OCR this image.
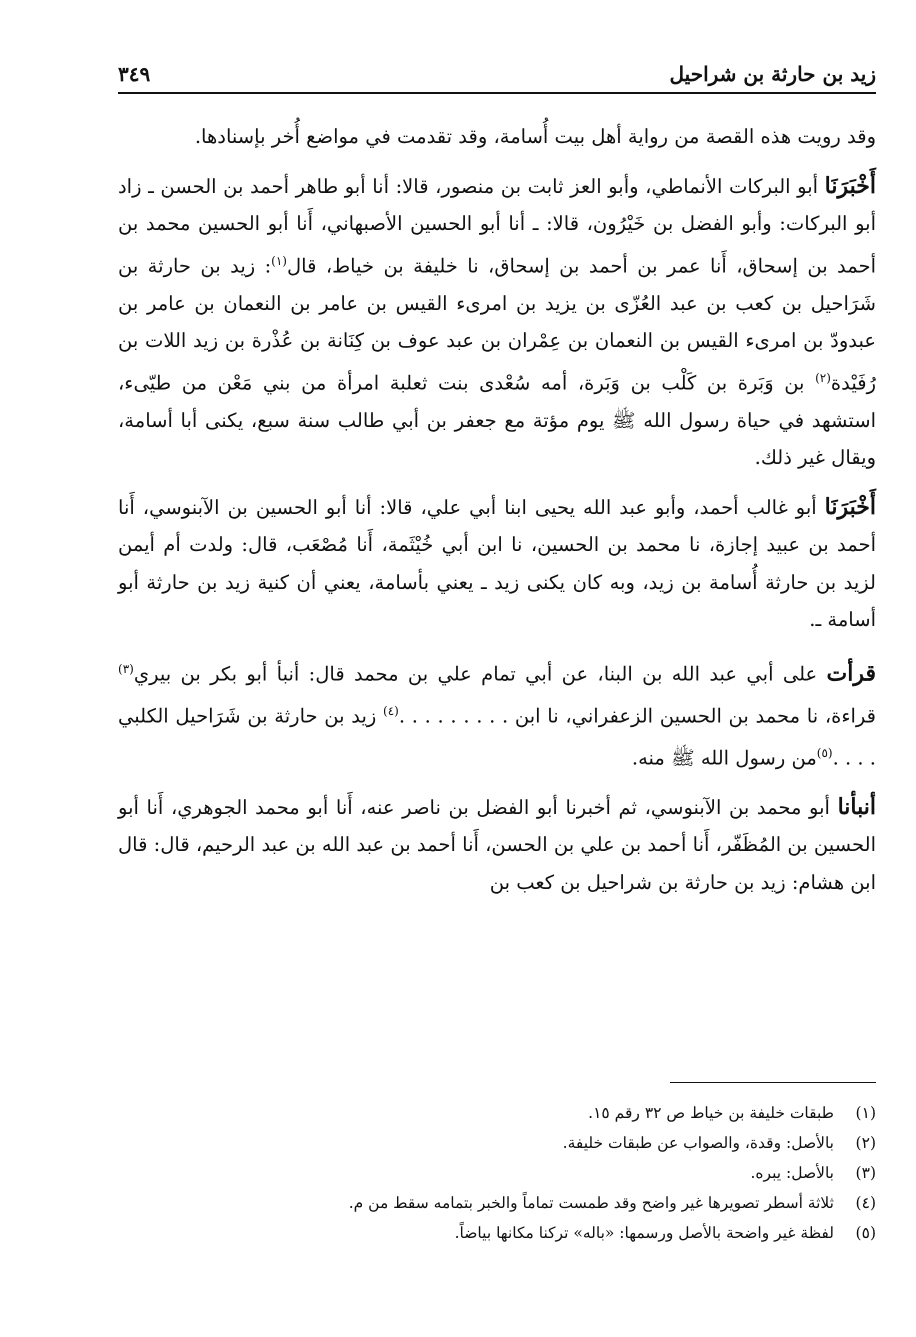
زيد بن حارثة بن شراحيل
٣٤٩

وقد رويت هذه القصة من رواية أهل بيت أُسامة، وقد تقدمت في مواضع أُخر بإسنادها.

أَخْبَرَنَا أبو البركات الأنماطي، وأبو العز ثابت بن منصور، قالا: أنا أبو طاهر أحمد بن الحسن ـ زاد أبو البركات: وأبو الفضل بن خَيْرُون، قالا: ـ أنا أبو الحسين الأصبهاني، أَنا أبو الحسين محمد بن أحمد بن إسحاق، أَنا عمر بن أحمد بن إسحاق، نا خليفة بن خياط، قال$^{(١)}$: زيد بن حارثة بن شَرَاحيل بن كعب بن عبد العُزّى بن يزيد بن امرىء القيس بن عامر بن النعمان بن عامر بن عبدودّ بن امرىء القيس بن النعمان بن عِمْران بن عبد عوف بن كِنَانة بن عُذْرة بن زيد اللات بن رُفَيْدة$^{(٢)}$ بن وَبَرة بن كَلْب بن وَبَرة، أمه سُعْدى بنت ثعلبة امرأة من بني مَعْن من طيّىء، استشهد في حياة رسول الله ﷺ يوم مؤتة مع جعفر بن أبي طالب سنة سبع، يكنى أبا أسامة، ويقال غير ذلك.

أَخْبَرَنَا أبو غالب أحمد، وأبو عبد الله يحيى ابنا أبي علي، قالا: أنا أبو الحسين بن الآبنوسي، أَنا أحمد بن عبيد إجازة، نا محمد بن الحسين، نا ابن أبي خُيْثَمة، أَنا مُصْعَب، قال: ولدت أم أيمن لزيد بن حارثة أُسامة بن زيد، وبه كان يكنى زيد ـ يعني بأسامة، يعني أن كنية زيد بن حارثة أبو أسامة ـ.

قرأت على أبي عبد الله بن البنا، عن أبي تمام علي بن محمد قال: أنبأ أبو بكر بن بيري$^{(٣)}$ قراءة، نا محمد بن الحسين الزعفراني، نا ابن . . . . . . . . .$^{(٤)}$ زيد بن حارثة بن شَرَاحيل الكلبي . . . .$^{(٥)}$من رسول الله ﷺ منه.

أنبأنا أبو محمد بن الآبنوسي، ثم أخبرنا أبو الفضل بن ناصر عنه، أَنا أبو محمد الجوهري، أَنا أبو الحسين بن المُظَفّر، أَنا أحمد بن علي بن الحسن، أَنا أحمد بن عبد الله بن عبد الرحيم، قال: قال ابن هشام: زيد بن حارثة بن شراحيل بن كعب بن

(١)
طبقات خليفة بن خياط ص ٣٢ رقم ١٥.
(٢)
بالأصل: وقدة، والصواب عن طبقات خليفة.
(٣)
بالأصل: يبره.
(٤)
ثلاثة أسطر تصويرها غير واضح وقد طمست تماماً والخبر بتمامه سقط من م.
(٥)
لفظة غير واضحة بالأصل ورسمها: «باله» تركنا مكانها بياضاً.
